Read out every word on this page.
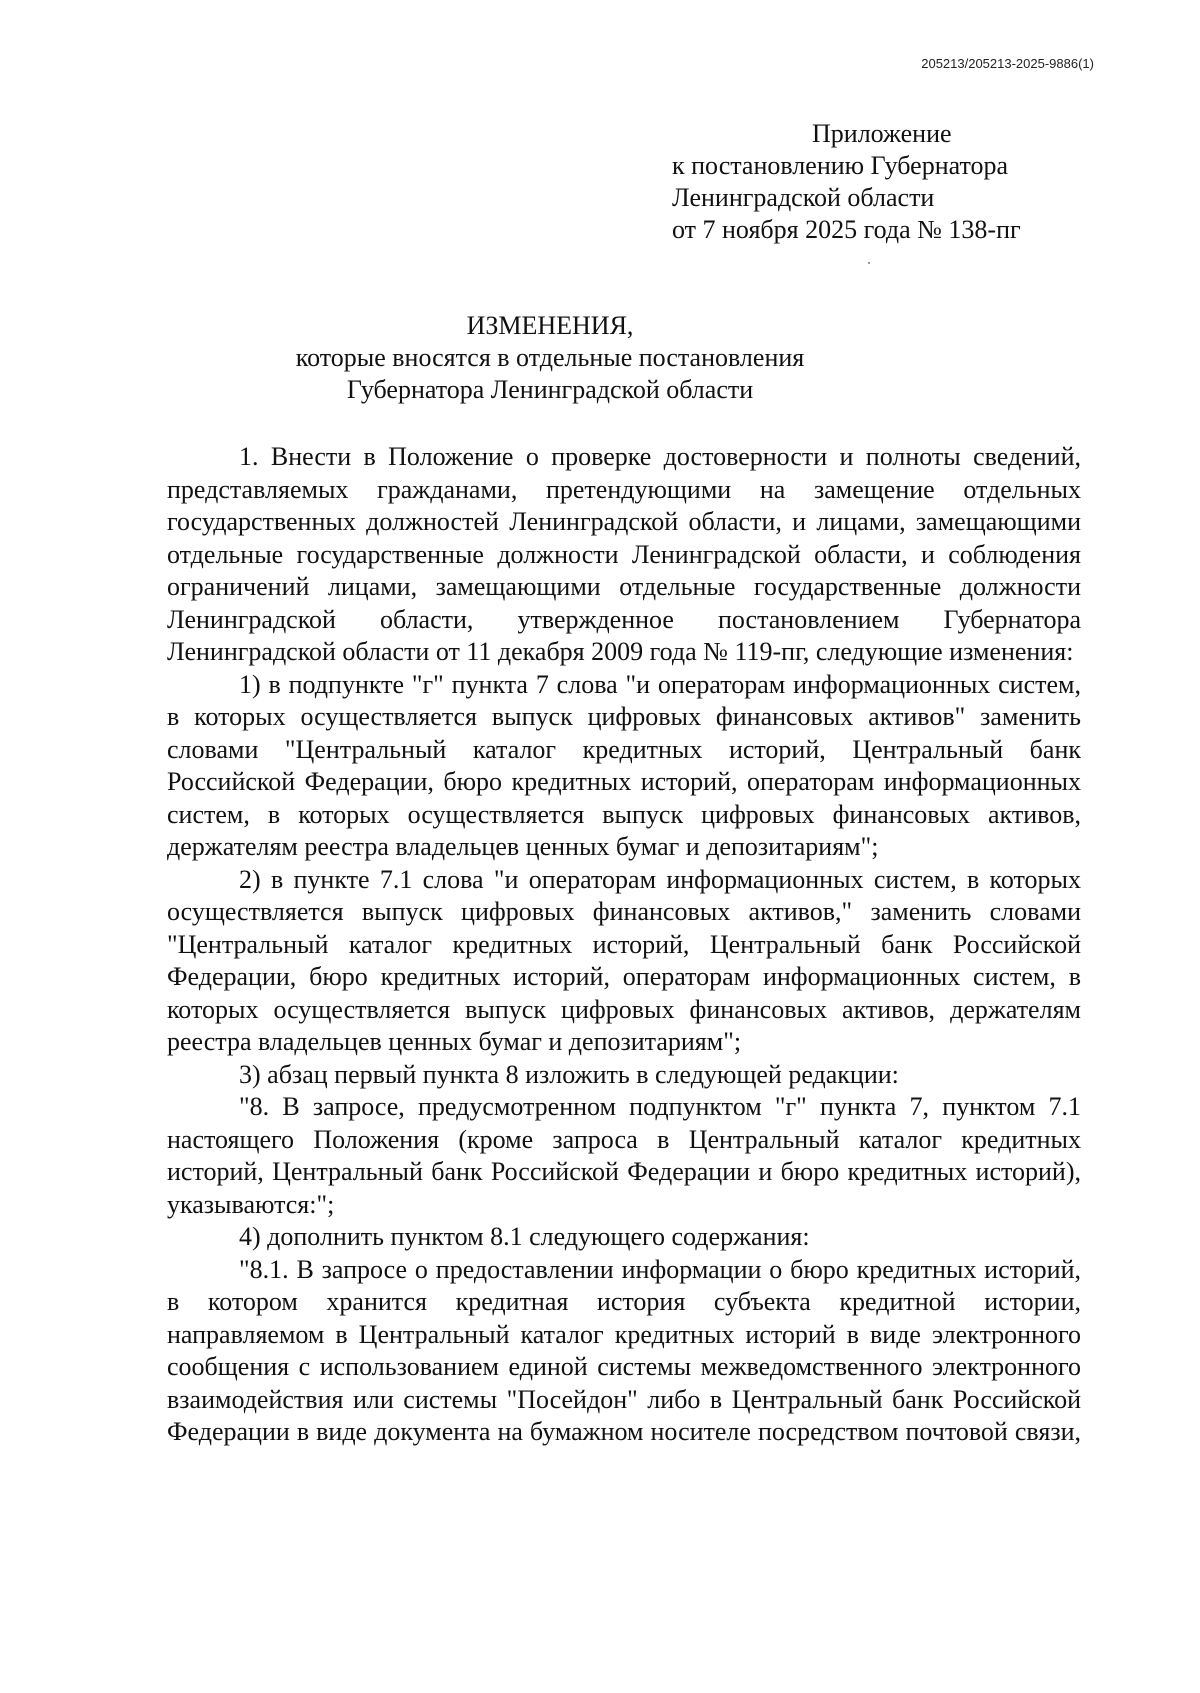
205213/205213-2025-9886(1)
Приложение
к постановлению Губернатора
Ленинградской области
от 7 ноября 2025 года № 138-пг
ИЗМЕНЕНИЯ,
которые вносятся в отдельные постановления
Губернатора Ленинградской области

1. Внести в Положение о проверке достоверности и полноты сведений, представляемых гражданами, претендующими на замещение отдельных государственных должностей Ленинградской области, и лицами, замещающими отдельные государственные должности Ленинградской области, и соблюдения ограничений лицами, замещающими отдельные государственные должности Ленинградской области, утвержденное постановлением Губернатора Ленинградской области от 11 декабря 2009 года № 119-пг, следующие изменения:

1) в подпункте "г" пункта 7 слова "и операторам информационных систем, в которых осуществляется выпуск цифровых финансовых активов" заменить словами "Центральный каталог кредитных историй, Центральный банк Российской Федерации, бюро кредитных историй, операторам информационных систем, в которых осуществляется выпуск цифровых финансовых активов, держателям реестра владельцев ценных бумаг и депозитариям";

2) в пункте 7.1 слова "и операторам информационных систем, в которых осуществляется выпуск цифровых финансовых активов," заменить словами "Центральный каталог кредитных историй, Центральный банк Российской Федерации, бюро кредитных историй, операторам информационных систем, в которых осуществляется выпуск цифровых финансовых активов, держателям реестра владельцев ценных бумаг и депозитариям";

3) абзац первый пункта 8 изложить в следующей редакции:

"8. В запросе, предусмотренном подпунктом "г" пункта 7, пунктом 7.1 настоящего Положения (кроме запроса в Центральный каталог кредитных историй, Центральный банк Российской Федерации и бюро кредитных историй), указываются:";

4) дополнить пунктом 8.1 следующего содержания:

"8.1. В запросе о предоставлении информации о бюро кредитных историй, в котором хранится кредитная история субъекта кредитной истории, направляемом в Центральный каталог кредитных историй в виде электронного сообщения с использованием единой системы межведомственного электронного взаимодействия или системы "Посейдон" либо в Центральный банк Российской Федерации в виде документа на бумажном носителе посредством почтовой связи,
